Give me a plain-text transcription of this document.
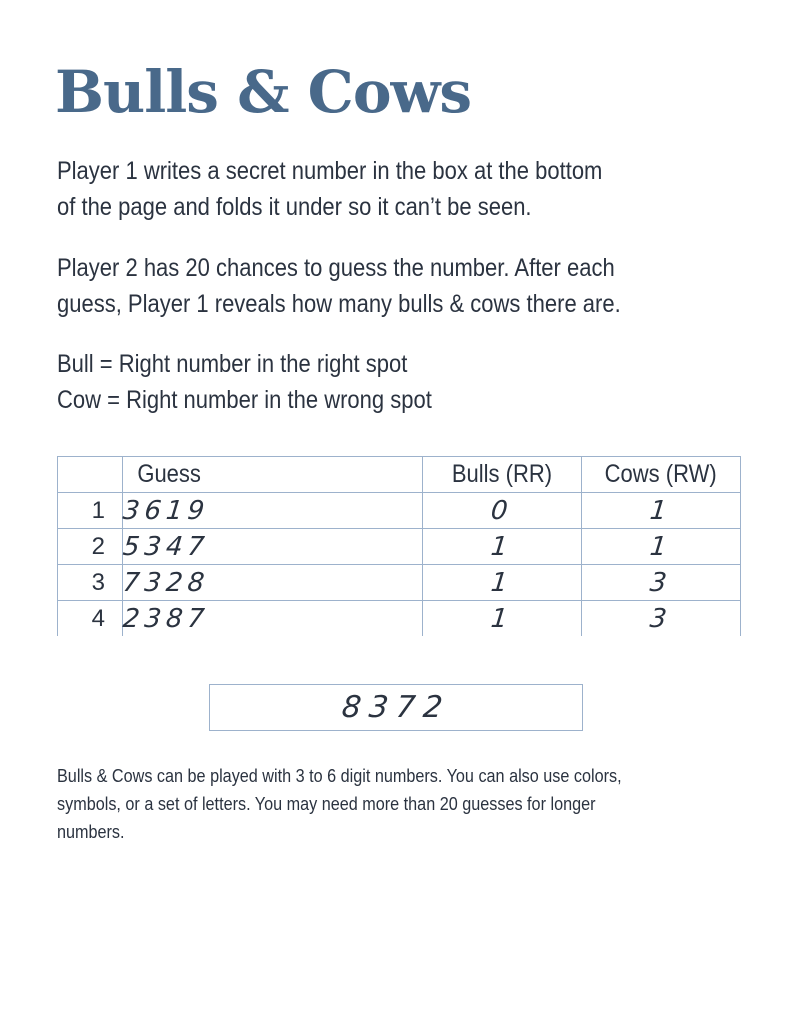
Bulls & Cows
Player 1 writes a secret number in the box at the bottom
of the page and folds it under so it can’t be seen.
Player 2 has 20 chances to guess the number. After each
guess, Player 1 reveals how many bulls & cows there are.
Bull = Right number in the right spot
Cow = Right number in the wrong spot
	Guess	Bulls (RR)	Cows (RW)
1	3619	0	1
2	5347	1	1
3	7328	1	3
4	2387	1	3
8372
Bulls & Cows can be played with 3 to 6 digit numbers. You can also use colors,
symbols, or a set of letters. You may need more than 20 guesses for longer
numbers.
